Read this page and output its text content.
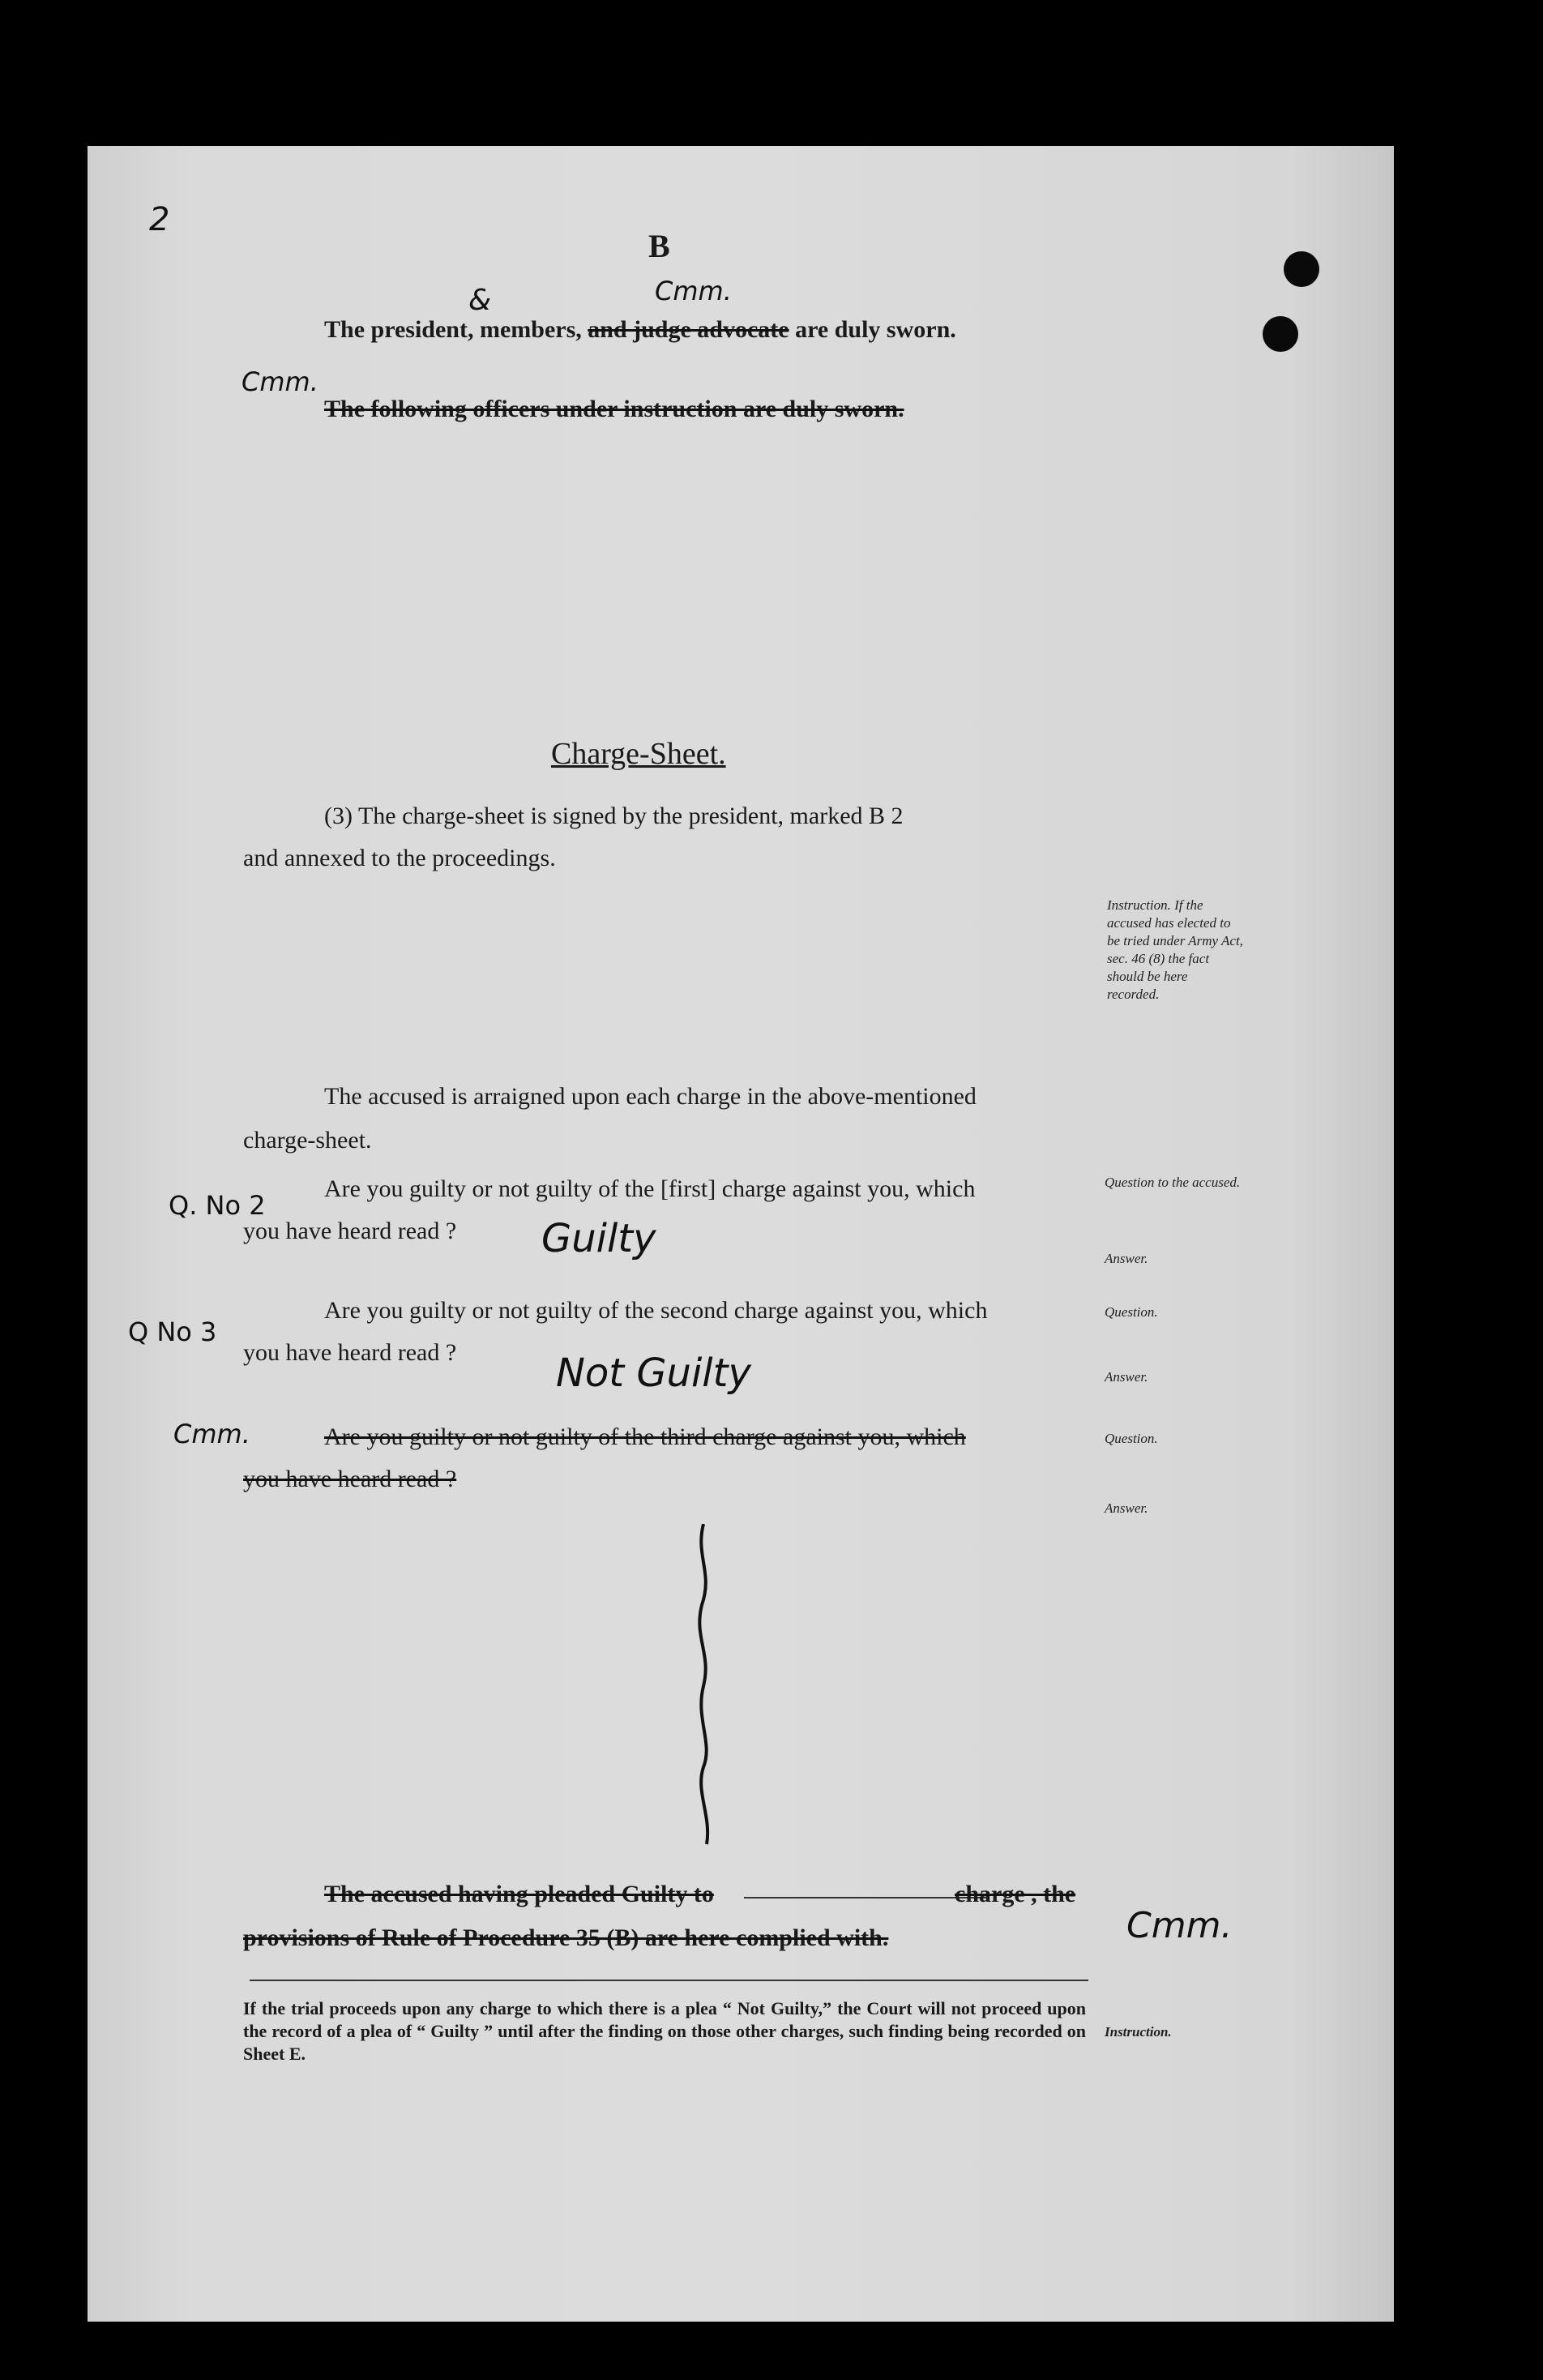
2
B
Cmm.
&
The president, members, and judge advocate are duly sworn.
Cmm.
The following officers under instruction are duly sworn.
Charge-Sheet.
(3) The charge-sheet is signed by the president, marked B 2
and annexed to the proceedings.
Instruction. If the accused has elected to be tried under Army Act, sec. 46 (8) the fact should be here recorded.
The accused is arraigned upon each charge in the above-mentioned
charge-sheet.
Q. No 2
Are you guilty or not guilty of the [first] charge against you, which
you have heard read ? Guilty
Question to the accused.
Answer.
Q No 3
Are you guilty or not guilty of the second charge against you, which
you have heard read ?	Not Guilty
Question.
Answer.
Cmm.	Are you guilty or not guilty of the third charge against you, which
you have heard read ?
Question.
Answer.
The accused having pleaded Guilty to	charge , the
provisions of Rule of Procedure 35 (B) are here complied with.	Cmm.
If the trial proceeds upon any charge to which there is a plea “ Not Guilty,” the Court will not proceed upon the record of a plea of “ Guilty ” until after the finding on those other charges, such finding being recorded on Sheet E.
Instruction.
